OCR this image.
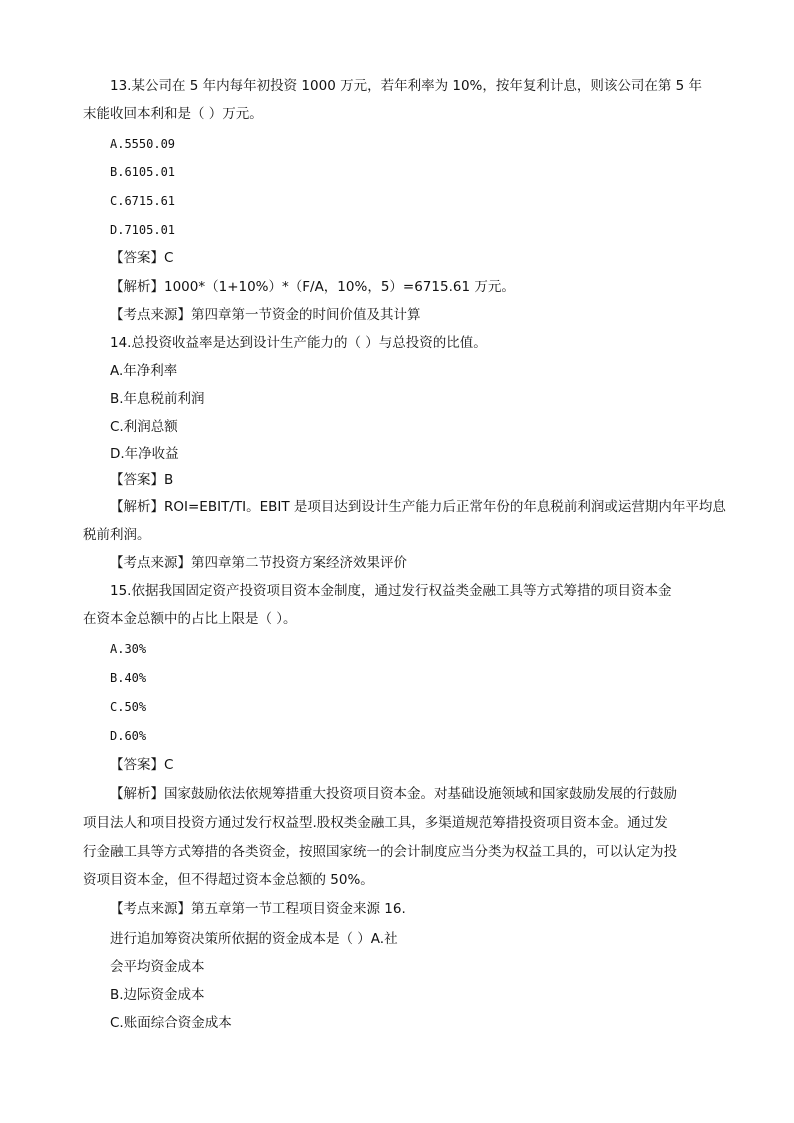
13.某公司在 5 年内每年初投资 1000 万元，若年利率为 10%，按年复利计息，则该公司在第 5 年
末能收回本利和是（ ）万元。
A.5550.09
B.6105.01
C.6715.61
D.7105.01
【答案】C
【解析】1000*（1+10%）*（F/A，10%，5）=6715.61 万元。
【考点来源】第四章第一节资金的时间价值及其计算
14.总投资收益率是达到设计生产能力的（ ）与总投资的比值。
A.年净利率
B.年息税前利润
C.利润总额
D.年净收益
【答案】B
【解析】ROI=EBIT/TI。EBIT 是项目达到设计生产能力后正常年份的年息税前利润或运营期内年平均息
税前利润。
【考点来源】第四章第二节投资方案经济效果评价
15.依据我国固定资产投资项目资本金制度，通过发行权益类金融工具等方式筹措的项目资本金
在资本金总额中的占比上限是（ ）。
A.30%
B.40%
C.50%
D.60%
【答案】C
【解析】国家鼓励依法依规筹措重大投资项目资本金。对基础设施领域和国家鼓励发展的行鼓励
项目法人和项目投资方通过发行权益型.股权类金融工具，多渠道规范筹措投资项目资本金。通过发
行金融工具等方式筹措的各类资金，按照国家统一的会计制度应当分类为权益工具的，可以认定为投
资项目资本金，但不得超过资本金总额的 50%。
【考点来源】第五章第一节工程项目资金来源 16.
进行追加筹资决策所依据的资金成本是（ ）A.社
会平均资金成本
B.边际资金成本
C.账面综合资金成本
